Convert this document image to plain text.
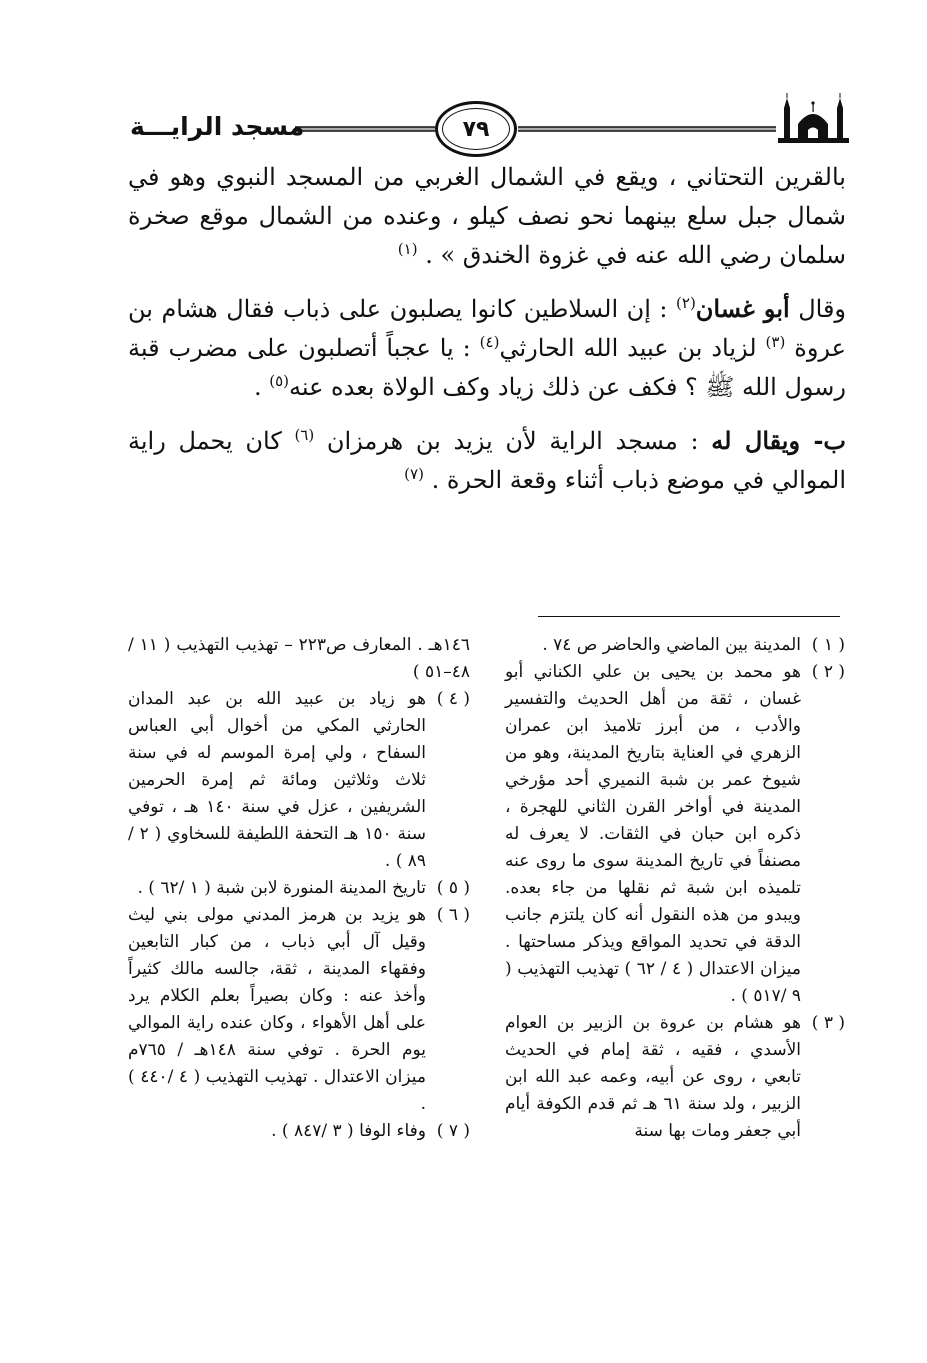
مسجد الرايـــة	٧٩

بالقرين التحتاني ، ويقع في الشمال الغربي من المسجد النبوي وهو في شمال جبل سلع بينهما نحو نصف كيلو ، وعنده من الشمال موقع صخرة سلمان رضي الله عنه في غزوة الخندق » . $^{(١)}$

وقال أبو غسان$^{(٢)}$ : إن السلاطين كانوا يصلبون على ذباب فقال هشام بن عروة $^{(٣)}$ لزياد بن عبيد الله الحارثي$^{(٤)}$ : يا عجباً أتصلبون على مضرب قبة رسول الله ﷺ ؟ فكف عن ذلك زياد وكف الولاة بعده عنه$^{(٥)}$ .

ب- ويقال له : مسجد الراية لأن يزيد بن هرمزان $^{(٦)}$ كان يحمل راية الموالي في موضع ذباب أثناء وقعة الحرة . $^{(٧)}$

( ١ )
المدينة بين الماضي والحاضر ص ٧٤ .
( ٢ )
هو محمد بن يحيى بن علي الكناني أبو غسان ، ثقة من أهل الحديث والتفسير والأدب ، من أبرز تلاميذ ابن عمران الزهري في العناية بتاريخ المدينة، وهو من شيوخ عمر بن شبة النميري أحد مؤرخي المدينة في أواخر القرن الثاني للهجرة ، ذكره ابن حبان في الثقات. لا يعرف له مصنفاً في تاريخ المدينة سوى ما روى عنه تلميذه ابن شبة ثم نقلها من جاء بعده. ويبدو من هذه النقول أنه كان يلتزم جانب الدقة في تحديد المواقع ويذكر مساحتها . ميزان الاعتدال ( ٤ / ٦٢ ) تهذيب التهذيب ( ٩ /٥١٧ ) .
( ٣ )
هو هشام بن عروة بن الزبير بن العوام الأسدي ، فقيه ، ثقة إمام في الحديث تابعي ، روى عن أبيه، وعمه عبد الله ابن الزبير ، ولد سنة ٦١ هـ ثم قدم الكوفة أيام أبي جعفر ومات بها سنة
١٤٦هـ . المعارف ص٢٢٣ – تهذيب التهذيب ( ١١ /٤٨–٥١ )
( ٤ )
هو زياد بن عبيد الله بن عبد المدان الحارثي المكي من أخوال أبي العباس السفاح ، ولي إمرة الموسم له في سنة ثلاث وثلاثين ومائة ثم إمرة الحرمين الشريفين ، عزل في سنة ١٤٠ هـ ، توفي سنة ١٥٠ هـ التحفة اللطيفة للسخاوي ( ٢ /٨٩ ) .
( ٥ )
تاريخ المدينة المنورة لابن شبة ( ١ /٦٢ ) .
( ٦ )
هو يزيد بن هرمز المدني مولى بني ليث وقيل آل أبي ذباب ، من كبار التابعين وفقهاء المدينة ، ثقة، جالسه مالك كثيراً وأخذ عنه : وكان بصيراً بعلم الكلام يرد على أهل الأهواء ، وكان عنده راية الموالي يوم الحرة . توفي سنة ١٤٨هـ / ٧٦٥م ميزان الاعتدال . تهذيب التهذيب ( ٤ /٤٤٠ ) .
( ٧ )
وفاء الوفا ( ٣ /٨٤٧ ) .
